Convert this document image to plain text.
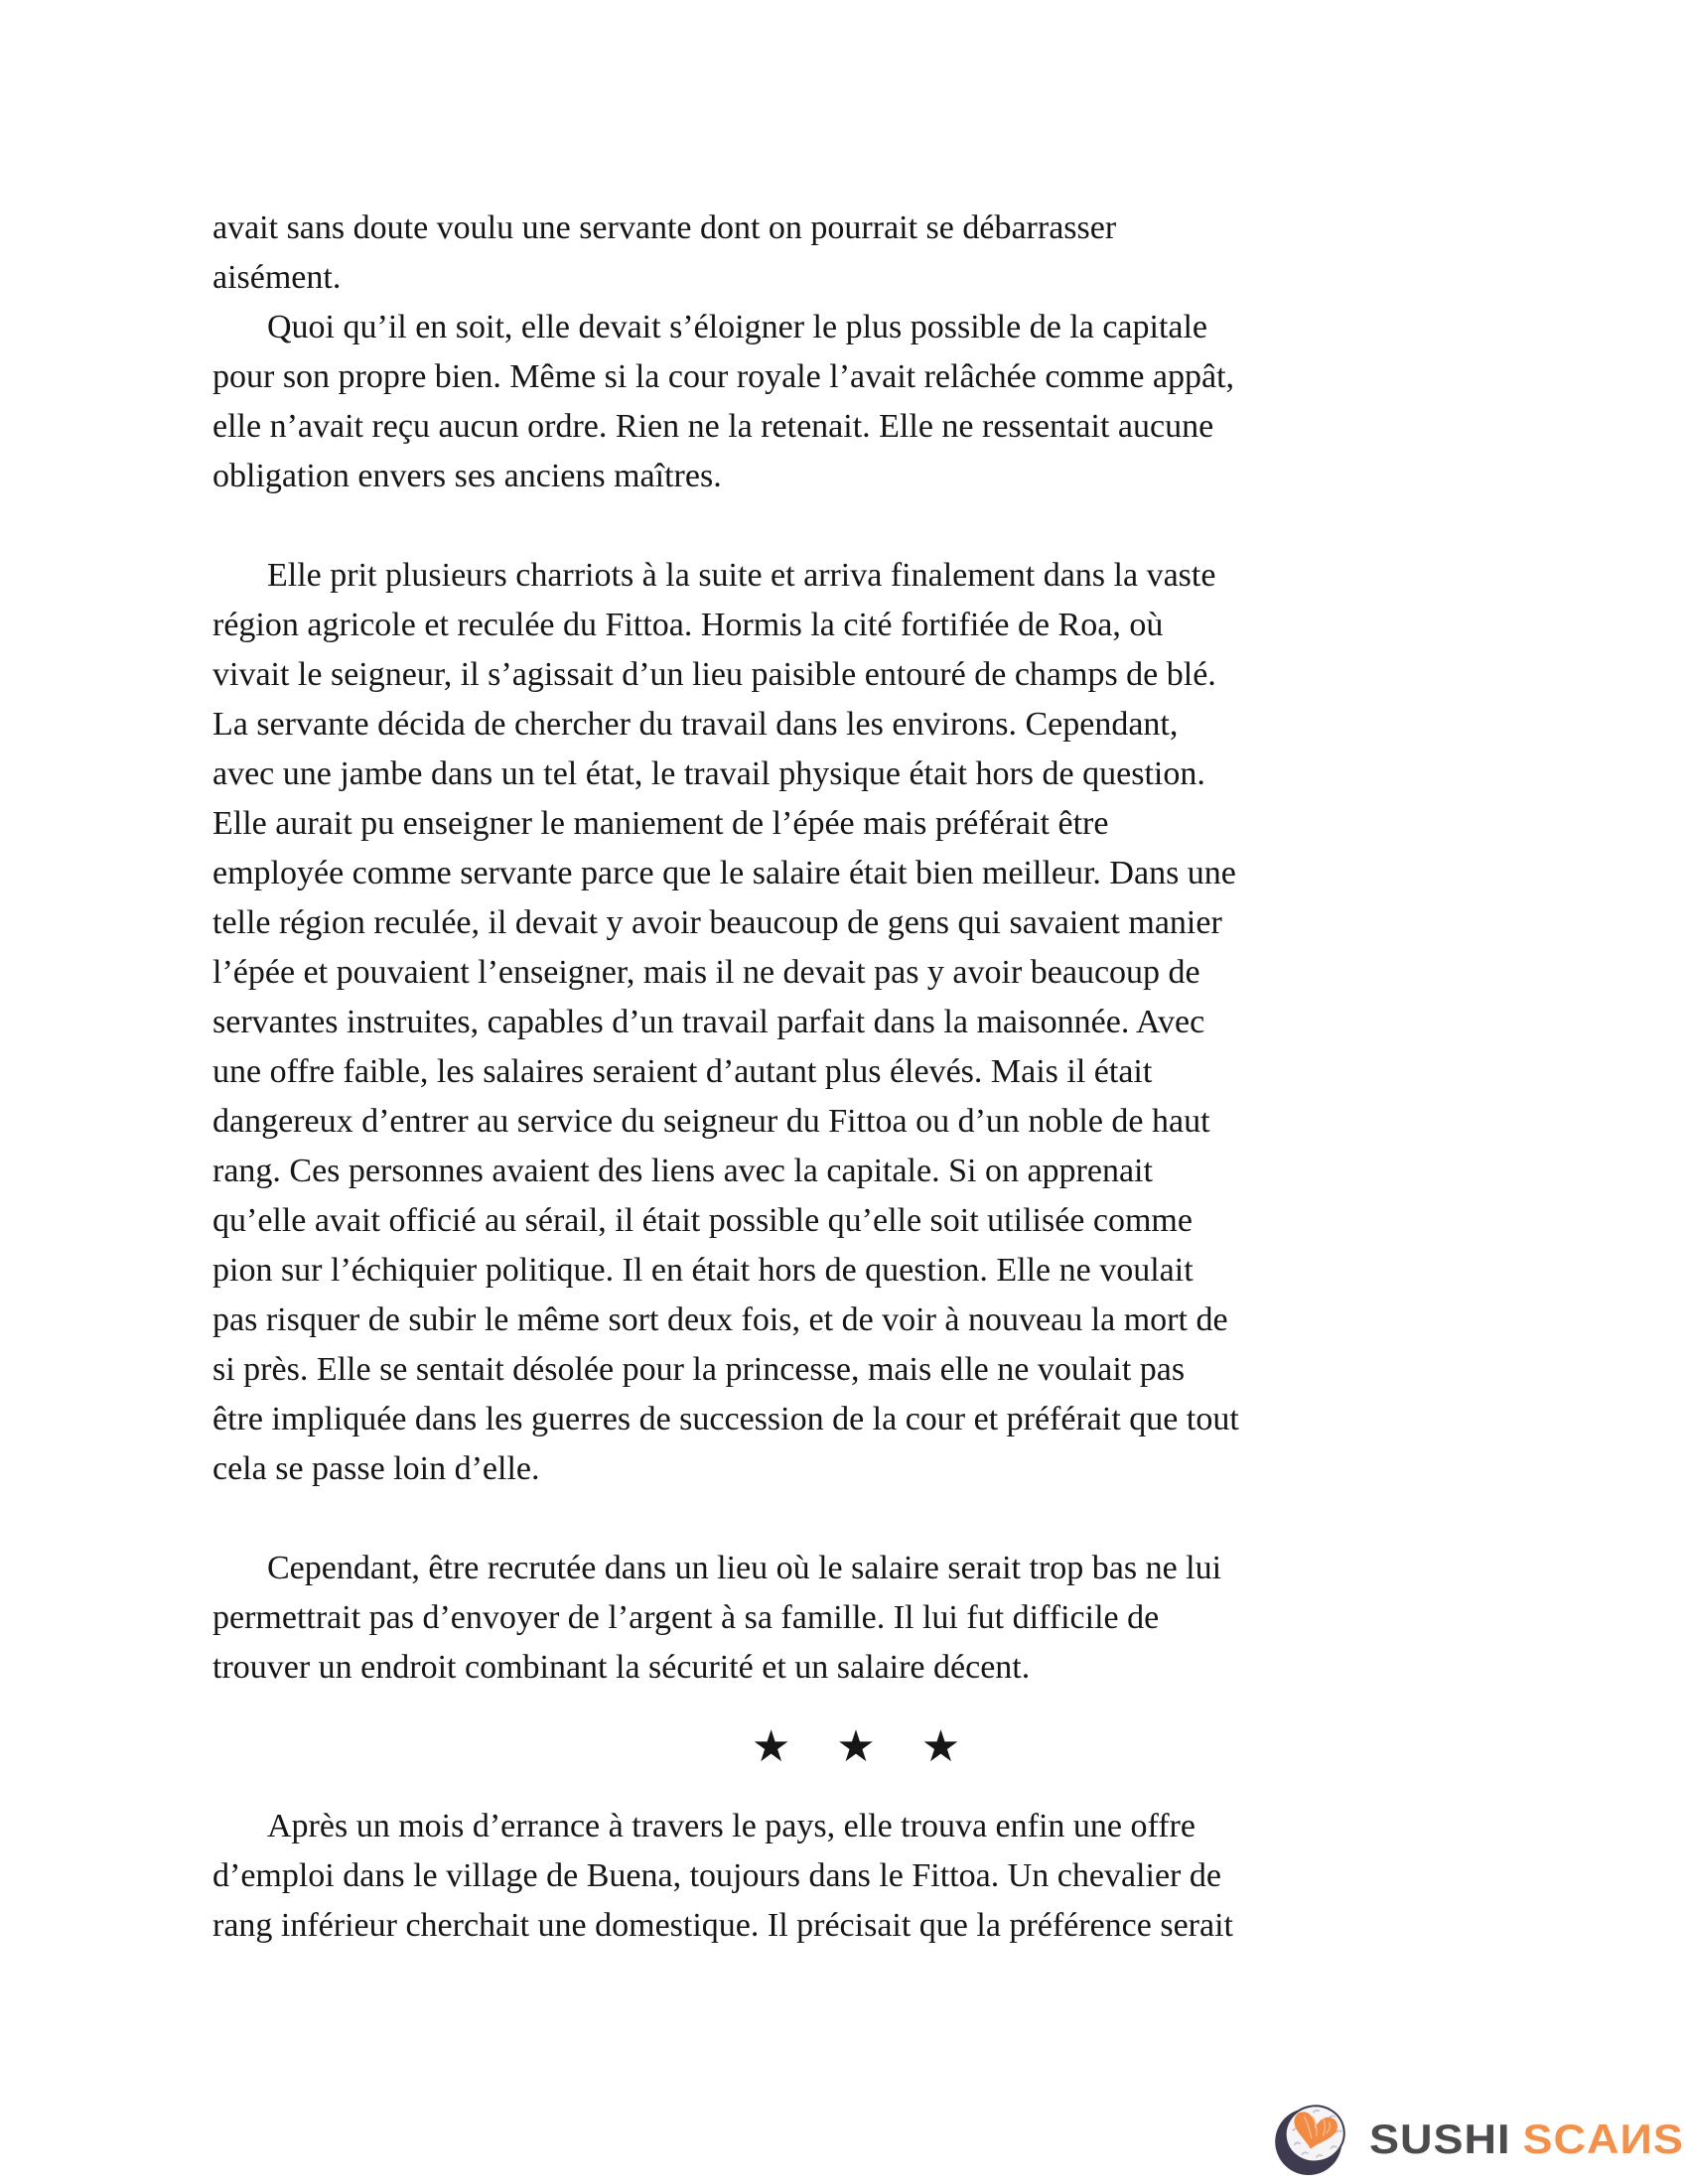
avait sans doute voulu une servante dont on pourrait se débarrasser
aisément.
Quoi qu’il en soit, elle devait s’éloigner le plus possible de la capitale
pour son propre bien. Même si la cour royale l’avait relâchée comme appât,
elle n’avait reçu aucun ordre. Rien ne la retenait. Elle ne ressentait aucune
obligation envers ses anciens maîtres.
Elle prit plusieurs charriots à la suite et arriva finalement dans la vaste
région agricole et reculée du Fittoa. Hormis la cité fortifiée de Roa, où
vivait le seigneur, il s’agissait d’un lieu paisible entouré de champs de blé.
La servante décida de chercher du travail dans les environs. Cependant,
avec une jambe dans un tel état, le travail physique était hors de question.
Elle aurait pu enseigner le maniement de l’épée mais préférait être
employée comme servante parce que le salaire était bien meilleur. Dans une
telle région reculée, il devait y avoir beaucoup de gens qui savaient manier
l’épée et pouvaient l’enseigner, mais il ne devait pas y avoir beaucoup de
servantes instruites, capables d’un travail parfait dans la maisonnée. Avec
une offre faible, les salaires seraient d’autant plus élevés. Mais il était
dangereux d’entrer au service du seigneur du Fittoa ou d’un noble de haut
rang. Ces personnes avaient des liens avec la capitale. Si on apprenait
qu’elle avait officié au sérail, il était possible qu’elle soit utilisée comme
pion sur l’échiquier politique. Il en était hors de question. Elle ne voulait
pas risquer de subir le même sort deux fois, et de voir à nouveau la mort de
si près. Elle se sentait désolée pour la princesse, mais elle ne voulait pas
être impliquée dans les guerres de succession de la cour et préférait que tout
cela se passe loin d’elle.
Cependant, être recrutée dans un lieu où le salaire serait trop bas ne lui
permettrait pas d’envoyer de l’argent à sa famille. Il lui fut difficile de
trouver un endroit combinant la sécurité et un salaire décent.
★ ★ ★
Après un mois d’errance à travers le pays, elle trouva enfin une offre
d’emploi dans le village de Buena, toujours dans le Fittoa. Un chevalier de
rang inférieur cherchait une domestique. Il précisait que la préférence serait
SUSHI SCAИS
